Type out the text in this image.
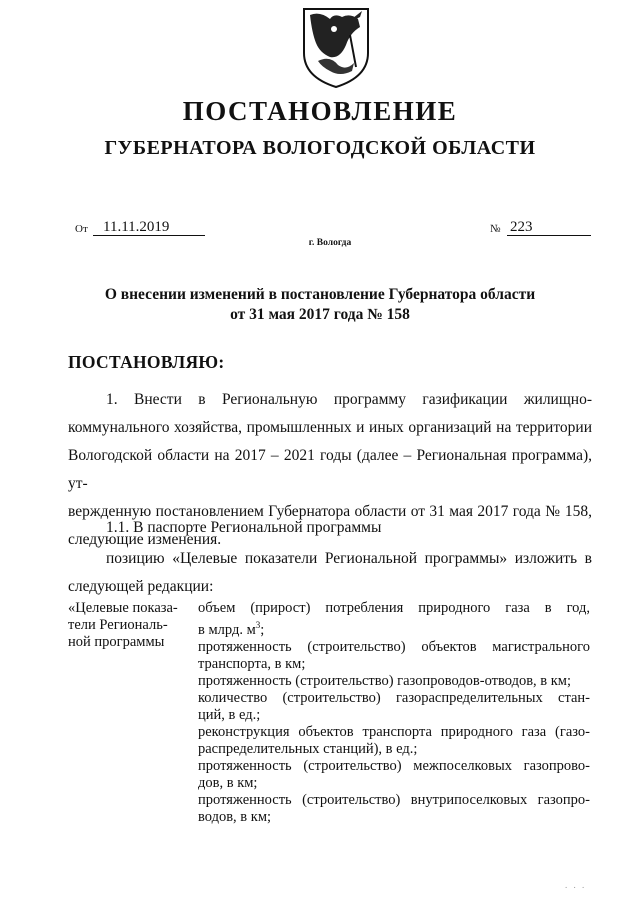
ПОСТАНОВЛЕНИЕ
ГУБЕРНАТОРА ВОЛОГОДСКОЙ ОБЛАСТИ
От	11.11.2019	№ 223
г. Вологда
О внесении изменений в постановление Губернатора области
от 31 мая 2017 года № 158
ПОСТАНОВЛЯЮ:
1. Внести в Региональную программу газификации жилищно-
коммунального хозяйства, промышленных и иных организаций на территории
Вологодской области на 2017 – 2021 годы (далее – Региональная программа), ут-
вержденную постановлением Губернатора области от 31 мая 2017 года № 158,
следующие изменения.
1.1. В паспорте Региональной программы
позицию «Целевые показатели Региональной программы» изложить в
следующей редакции:
«Целевые показа-
тели Региональ-
ной программы
объем (прирост) потребления природного газа в год,
в млрд. $м^3$;
протяженность (строительство) объектов магистрального
транспорта, в км;
протяженность (строительство) газопроводов-отводов, в км;
количество (строительство) газораспределительных стан-
ций, в ед.;
реконструкция объектов транспорта природного газа (газо-
распределительных станций), в ед.;
протяженность (строительство) межпоселковых газопрово-
дов, в км;
протяженность (строительство) внутрипоселковых газопро-
водов, в км;
. . .
